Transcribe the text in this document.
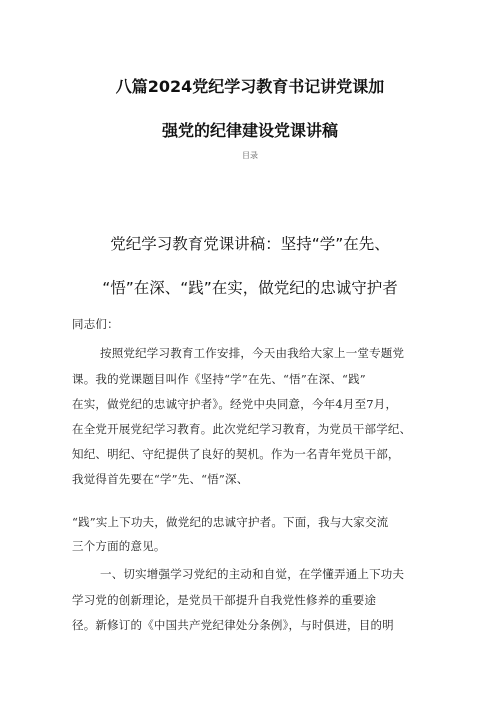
八篇2024党纪学习教育书记讲党课加
强党的纪律建设党课讲稿
目录
党纪学习教育党课讲稿：坚持“学”在先、
“悟”在深、“践”在实，做党纪的忠诚守护者
同志们：
按照党纪学习教育工作安排，今天由我给大家上一堂专题党
课。我的党课题目叫作《坚持“学”在先、“悟”在深、“践”
在实，做党纪的忠诚守护者》。经党中央同意，今年4月至7月，
在全党开展党纪学习教育。此次党纪学习教育，为党员干部学纪、
知纪、明纪、守纪提供了良好的契机。作为一名青年党员干部，
我觉得首先要在“学”先、“悟”深、
“践”实上下功夫，做党纪的忠诚守护者。下面，我与大家交流
三个方面的意见。
一、切实增强学习党纪的主动和自觉，在学懂弄通上下功夫
学习党的创新理论，是党员干部提升自我党性修养的重要途
径。新修订的《中国共产党纪律处分条例》，与时俱进，目的明
